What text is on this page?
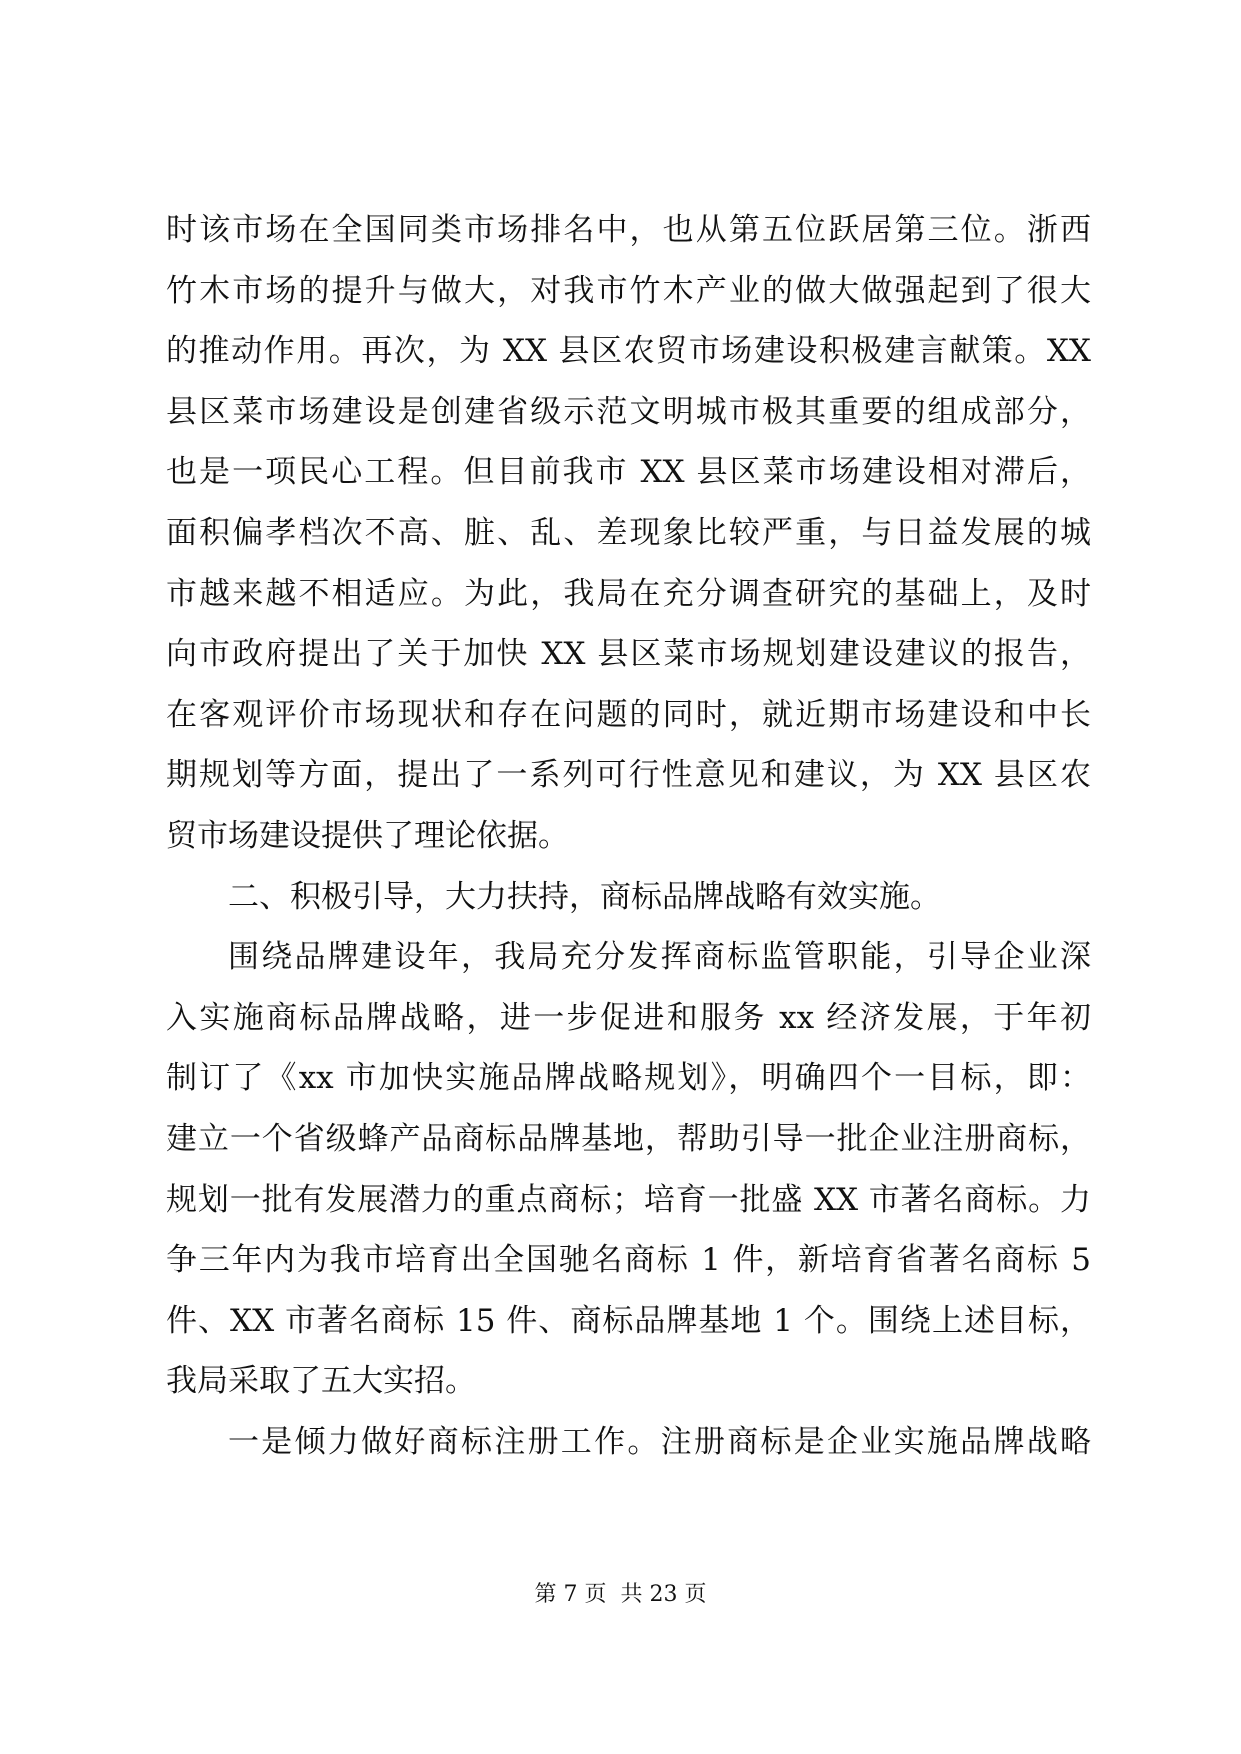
时该市场在全国同类市场排名中，也从第五位跃居第三位。浙西
竹木市场的提升与做大，对我市竹木产业的做大做强起到了很大
的推动作用。再次，为 XX 县区农贸市场建设积极建言献策。XX
县区菜市场建设是创建省级示范文明城市极其重要的组成部分，
也是一项民心工程。但目前我市 XX 县区菜市场建设相对滞后，
面积偏孝档次不高、脏、乱、差现象比较严重，与日益发展的城
市越来越不相适应。为此，我局在充分调查研究的基础上，及时
向市政府提出了关于加快 XX 县区菜市场规划建设建议的报告，
在客观评价市场现状和存在问题的同时，就近期市场建设和中长
期规划等方面，提出了一系列可行性意见和建议，为 XX 县区农
贸市场建设提供了理论依据。
二、积极引导，大力扶持，商标品牌战略有效实施。
围绕品牌建设年，我局充分发挥商标监管职能，引导企业深
入实施商标品牌战略，进一步促进和服务 xx 经济发展，于年初
制订了《xx 市加快实施品牌战略规划》，明确四个一目标，即：
建立一个省级蜂产品商标品牌基地，帮助引导一批企业注册商标，
规划一批有发展潜力的重点商标；培育一批盛 XX 市著名商标。力
争三年内为我市培育出全国驰名商标 1 件，新培育省著名商标 5
件、XX 市著名商标 15 件、商标品牌基地 1 个。围绕上述目标，
我局采取了五大实招。
一是倾力做好商标注册工作。注册商标是企业实施品牌战略
第 7 页  共 23 页
